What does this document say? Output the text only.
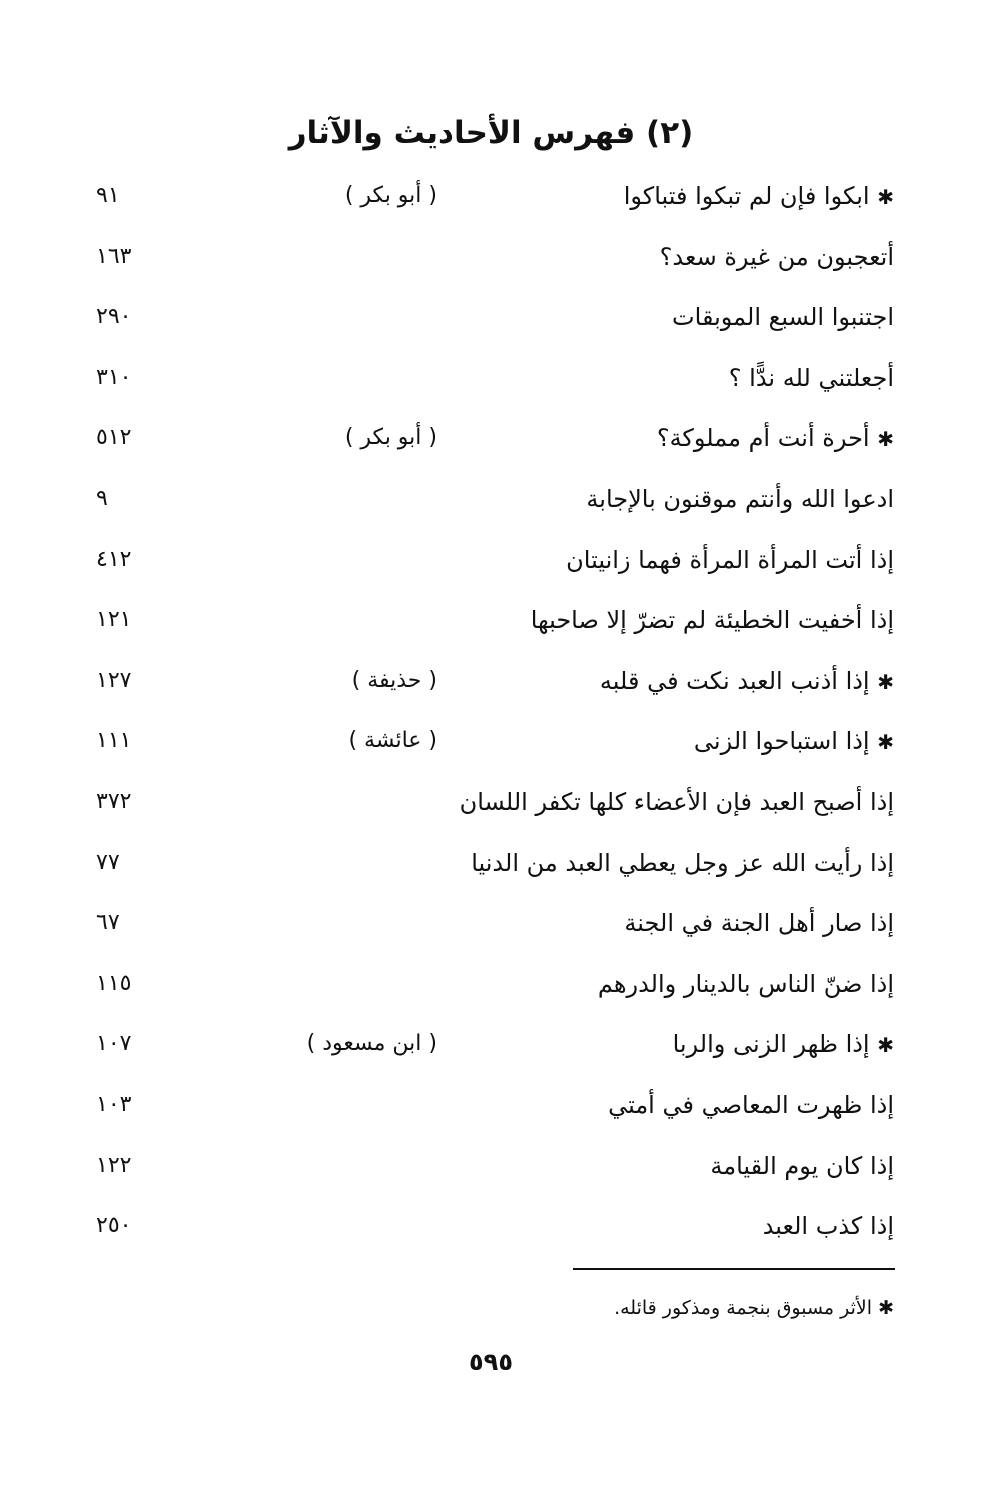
(٢) فهرس الأحاديث والآثار
✱ ابكوا فإن لم تبكوا فتباكوا
( أبو بكر )
٩١
أتعجبون من غيرة سعد؟
١٦٣
اجتنبوا السبع الموبقات
٢٩٠
أجعلتني لله ندًّا ؟
٣١٠
✱ أحرة أنت أم مملوكة؟
( أبو بكر )
٥١٢
ادعوا الله وأنتم موقنون بالإجابة
٩
إذا أتت المرأة المرأة فهما زانيتان
٤١٢
إذا أخفيت الخطيئة لم تضرّ إلا صاحبها
١٢١
✱ إذا أذنب العبد نكت في قلبه
( حذيفة )
١٢٧
✱ إذا استباحوا الزنى
( عائشة )
١١١
إذا أصبح العبد فإن الأعضاء كلها تكفر اللسان
٣٧٢
إذا رأيت الله عز وجل يعطي العبد من الدنيا
٧٧
إذا صار أهل الجنة في الجنة
٦٧
إذا ضنّ الناس بالدينار والدرهم
١١٥
✱ إذا ظهر الزنى والربا
( ابن مسعود )
١٠٧
إذا ظهرت المعاصي في أمتي
١٠٣
إذا كان يوم القيامة
١٢٢
إذا كذب العبد
٢٥٠
✱ الأثر مسبوق بنجمة ومذكور قائله.
٥٩٥
